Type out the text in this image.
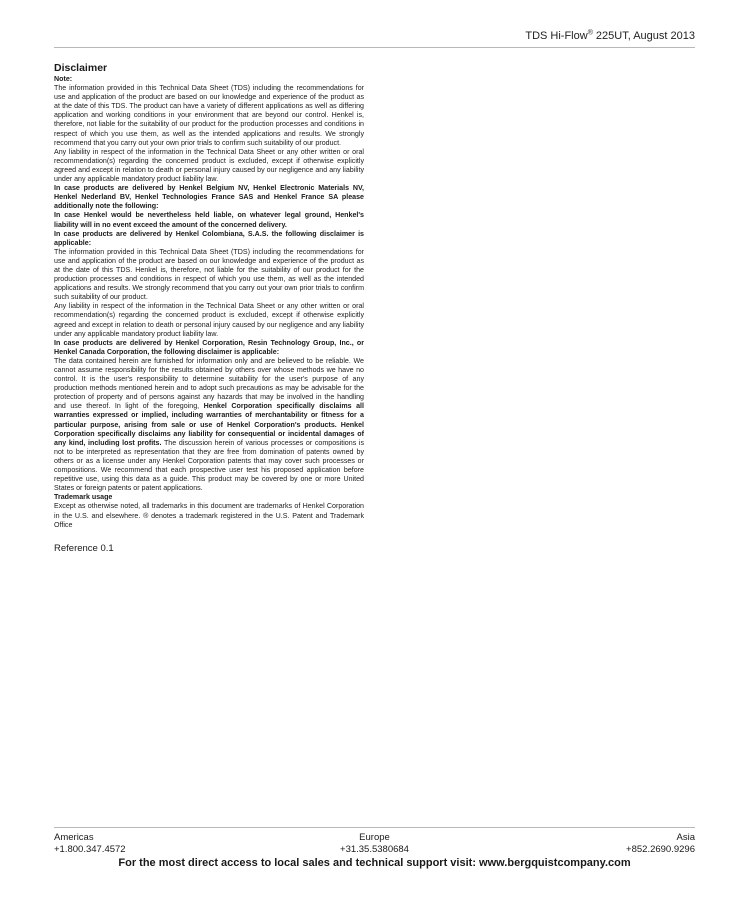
TDS Hi-Flow® 225UT, August 2013
Disclaimer

Note:

The information provided in this Technical Data Sheet (TDS) including the recommendations for use and application of the product are based on our knowledge and experience of the product as at the date of this TDS. The product can have a variety of different applications as well as differing application and working conditions in your environment that are beyond our control. Henkel is, therefore, not liable for the suitability of our product for the production processes and conditions in respect of which you use them, as well as the intended applications and results. We strongly recommend that you carry out your own prior trials to confirm such suitability of our product.

Any liability in respect of the information in the Technical Data Sheet or any other written or oral recommendation(s) regarding the concerned product is excluded, except if otherwise explicitly agreed and except in relation to death or personal injury caused by our negligence and any liability under any applicable mandatory product liability law.

In case products are delivered by Henkel Belgium NV, Henkel Electronic Materials NV, Henkel Nederland BV, Henkel Technologies France SAS and Henkel France SA please additionally note the following:

In case Henkel would be nevertheless held liable, on whatever legal ground, Henkel's liability will in no event exceed the amount of the concerned delivery.

In case products are delivered by Henkel Colombiana, S.A.S. the following disclaimer is applicable:

The information provided in this Technical Data Sheet (TDS) including the recommendations for use and application of the product are based on our knowledge and experience of the product as at the date of this TDS. Henkel is, therefore, not liable for the suitability of our product for the production processes and conditions in respect of which you use them, as well as the intended applications and results. We strongly recommend that you carry out your own prior trials to confirm such suitability of our product.

Any liability in respect of the information in the Technical Data Sheet or any other written or oral recommendation(s) regarding the concerned product is excluded, except if otherwise explicitly agreed and except in relation to death or personal injury caused by our negligence and any liability under any applicable mandatory product liability law.

In case products are delivered by Henkel Corporation, Resin Technology Group, Inc., or Henkel Canada Corporation, the following disclaimer is applicable:

The data contained herein are furnished for information only and are believed to be reliable. We cannot assume responsibility for the results obtained by others over whose methods we have no control. It is the user's responsibility to determine suitability for the user's purpose of any production methods mentioned herein and to adopt such precautions as may be advisable for the protection of property and of persons against any hazards that may be involved in the handling and use thereof. In light of the foregoing, Henkel Corporation specifically disclaims all warranties expressed or implied, including warranties of merchantability or fitness for a particular purpose, arising from sale or use of Henkel Corporation's products. Henkel Corporation specifically disclaims any liability for consequential or incidental damages of any kind, including lost profits. The discussion herein of various processes or compositions is not to be interpreted as representation that they are free from domination of patents owned by others or as a license under any Henkel Corporation patents that may cover such processes or compositions. We recommend that each prospective user test his proposed application before repetitive use, using this data as a guide. This product may be covered by one or more United States or foreign patents or patent applications.

Trademark usage

Except as otherwise noted, all trademarks in this document are trademarks of Henkel Corporation in the U.S. and elsewhere. ® denotes a trademark registered in the U.S. Patent and Trademark Office

Reference 0.1
Americas
+1.800.347.4572
Europe
+31.35.5380684
Asia
+852.2690.9296
For the most direct access to local sales and technical support visit: www.bergquistcompany.com
